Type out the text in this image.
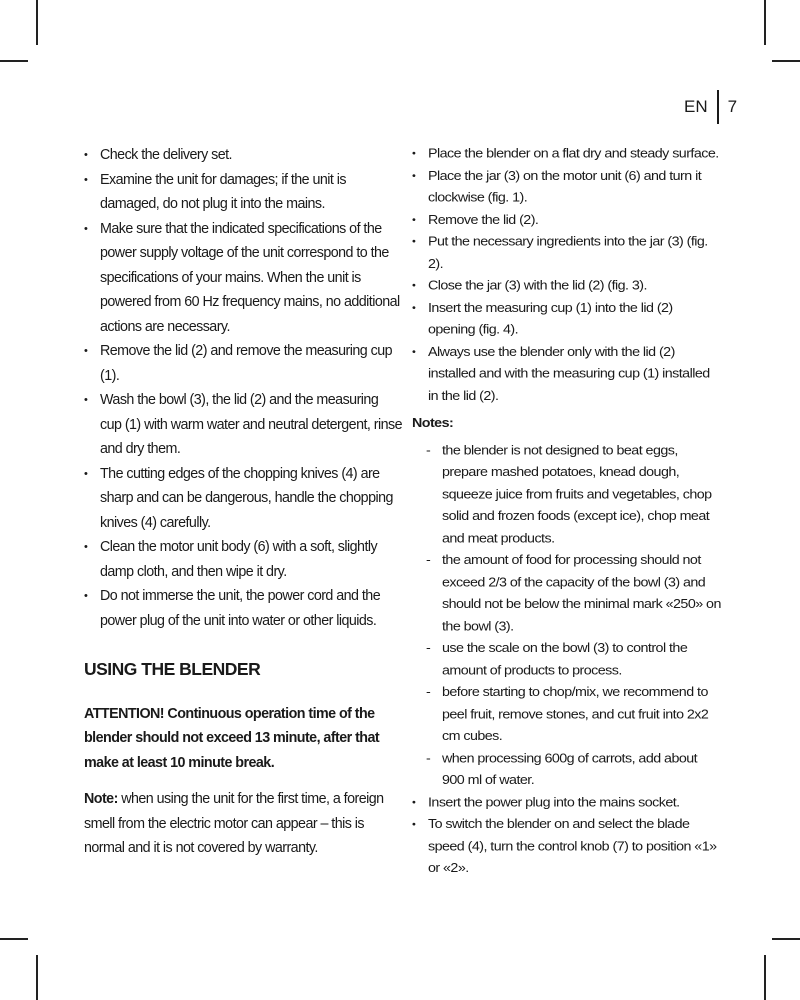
EN	7
• Check the delivery set.
• Examine the unit for damages; if the unit is damaged, do not plug it into the mains.
• Make sure that the indicated specifications of the power supply voltage of the unit correspond to the specifications of your mains. When the unit is powered from 60 Hz frequency mains, no additional actions are necessary.
• Remove the lid (2) and remove the measuring cup (1).
• Wash the bowl (3), the lid (2) and the measuring cup (1) with warm water and neutral detergent, rinse and dry them.
• The cutting edges of the chopping knives (4) are sharp and can be dangerous, handle the chopping knives (4) carefully.
• Clean the motor unit body (6) with a soft, slightly damp cloth, and then wipe it dry.
• Do not immerse the unit, the power cord and the power plug of the unit into water or other liquids.
USING THE BLENDER

ATTENTION! Continuous operation time of the blender should not exceed 13 minute, after that make at least 10 minute break.

Note: when using the unit for the first time, a foreign smell from the electric motor can appear – this is normal and it is not covered by warranty.

• Place the blender on a flat dry and steady surface.
• Place the jar (3) on the motor unit (6) and turn it clockwise (fig. 1).
• Remove the lid (2).
• Put the necessary ingredients into the jar (3) (fig. 2).
• Close the jar (3) with the lid (2) (fig. 3).
• Insert the measuring cup (1) into the lid (2) opening (fig. 4).
• Always use the blender only with the lid (2) installed and with the measuring cup (1) installed in the lid (2).

Notes:

- the blender is not designed to beat eggs, prepare mashed potatoes, knead dough, squeeze juice from fruits and vegetables, chop solid and frozen foods (except ice), chop meat and meat products.
- the amount of food for processing should not exceed 2/3 of the capacity of the bowl (3) and should not be below the minimal mark «250» on the bowl (3).
- use the scale on the bowl (3) to control the amount of products to process.
- before starting to chop/mix, we recommend to peel fruit, remove stones, and cut fruit into 2x2 cm cubes.
- when processing 600g of carrots, add about 900 ml of water.
• Insert the power plug into the mains socket.
• To switch the blender on and select the blade speed (4), turn the control knob (7) to position «1» or «2».
